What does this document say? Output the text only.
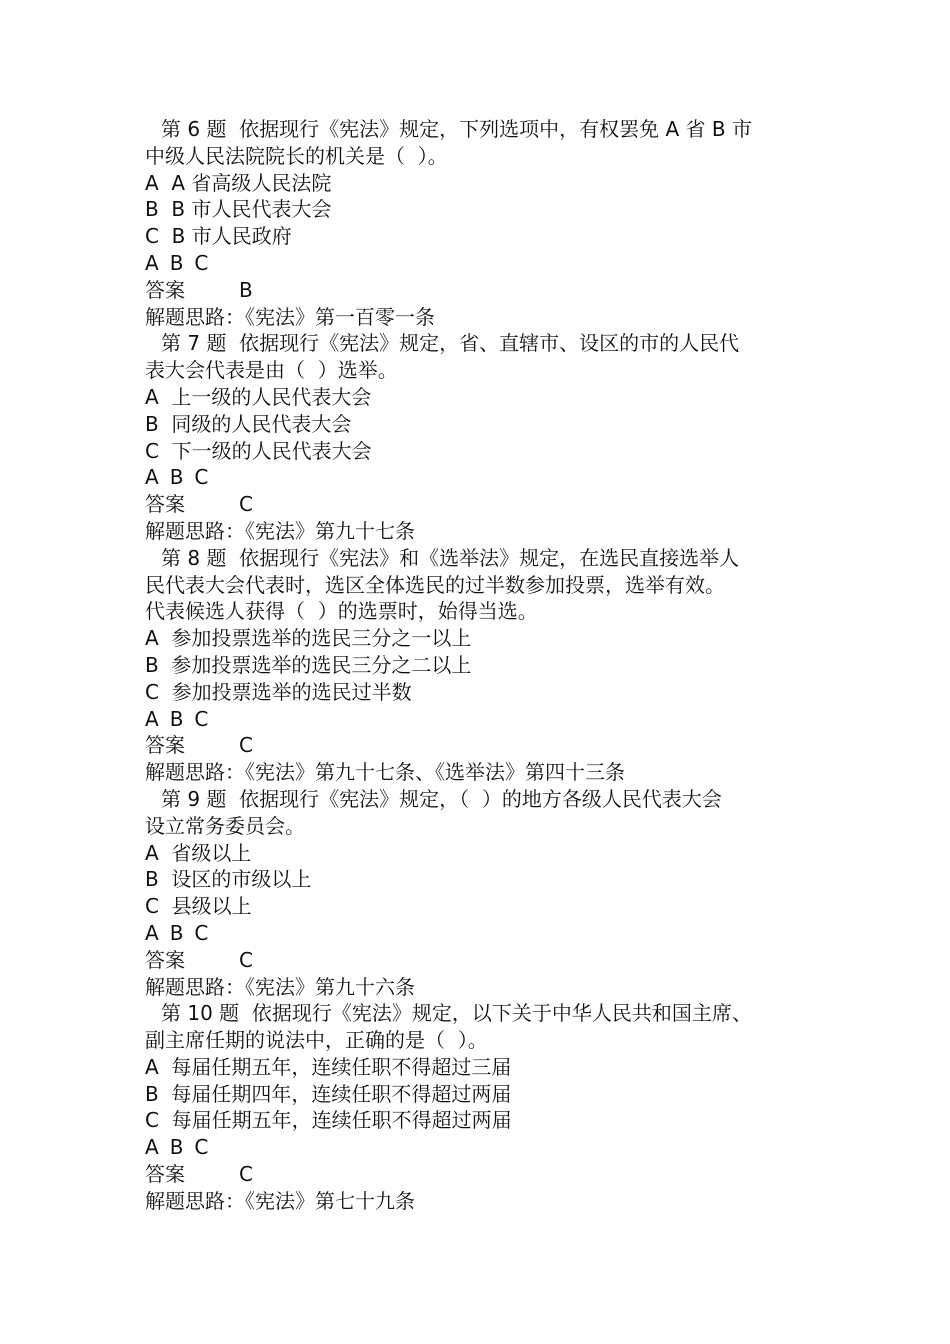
第 6 题  依据现行《宪法》规定，下列选项中，有权罢免 A 省 B 市
中级人民法院院长的机关是（  ）。
A  A 省高级人民法院
B  B 市人民代表大会
C  B 市人民政府
A B C
答案	B
解题思路：《宪法》第一百零一条
第 7 题  依据现行《宪法》规定，省、直辖市、设区的市的人民代
表大会代表是由（  ）选举。
A  上一级的人民代表大会
B  同级的人民代表大会
C  下一级的人民代表大会
A B C
答案	C
解题思路：《宪法》第九十七条
第 8 题  依据现行《宪法》和《选举法》规定，在选民直接选举人
民代表大会代表时，选区全体选民的过半数参加投票，选举有效。
代表候选人获得（  ）的选票时，始得当选。
A  参加投票选举的选民三分之一以上
B  参加投票选举的选民三分之二以上
C  参加投票选举的选民过半数
A B C
答案	C
解题思路：《宪法》第九十七条、《选举法》第四十三条
第 9 题  依据现行《宪法》规定，（  ）的地方各级人民代表大会
设立常务委员会。
A  省级以上
B  设区的市级以上
C  县级以上
A B C
答案	C
解题思路：《宪法》第九十六条
第 10 题  依据现行《宪法》规定，以下关于中华人民共和国主席、
副主席任期的说法中，正确的是（  ）。
A  每届任期五年，连续任职不得超过三届
B  每届任期四年，连续任职不得超过两届
C  每届任期五年，连续任职不得超过两届
A B C
答案	C
解题思路：《宪法》第七十九条
